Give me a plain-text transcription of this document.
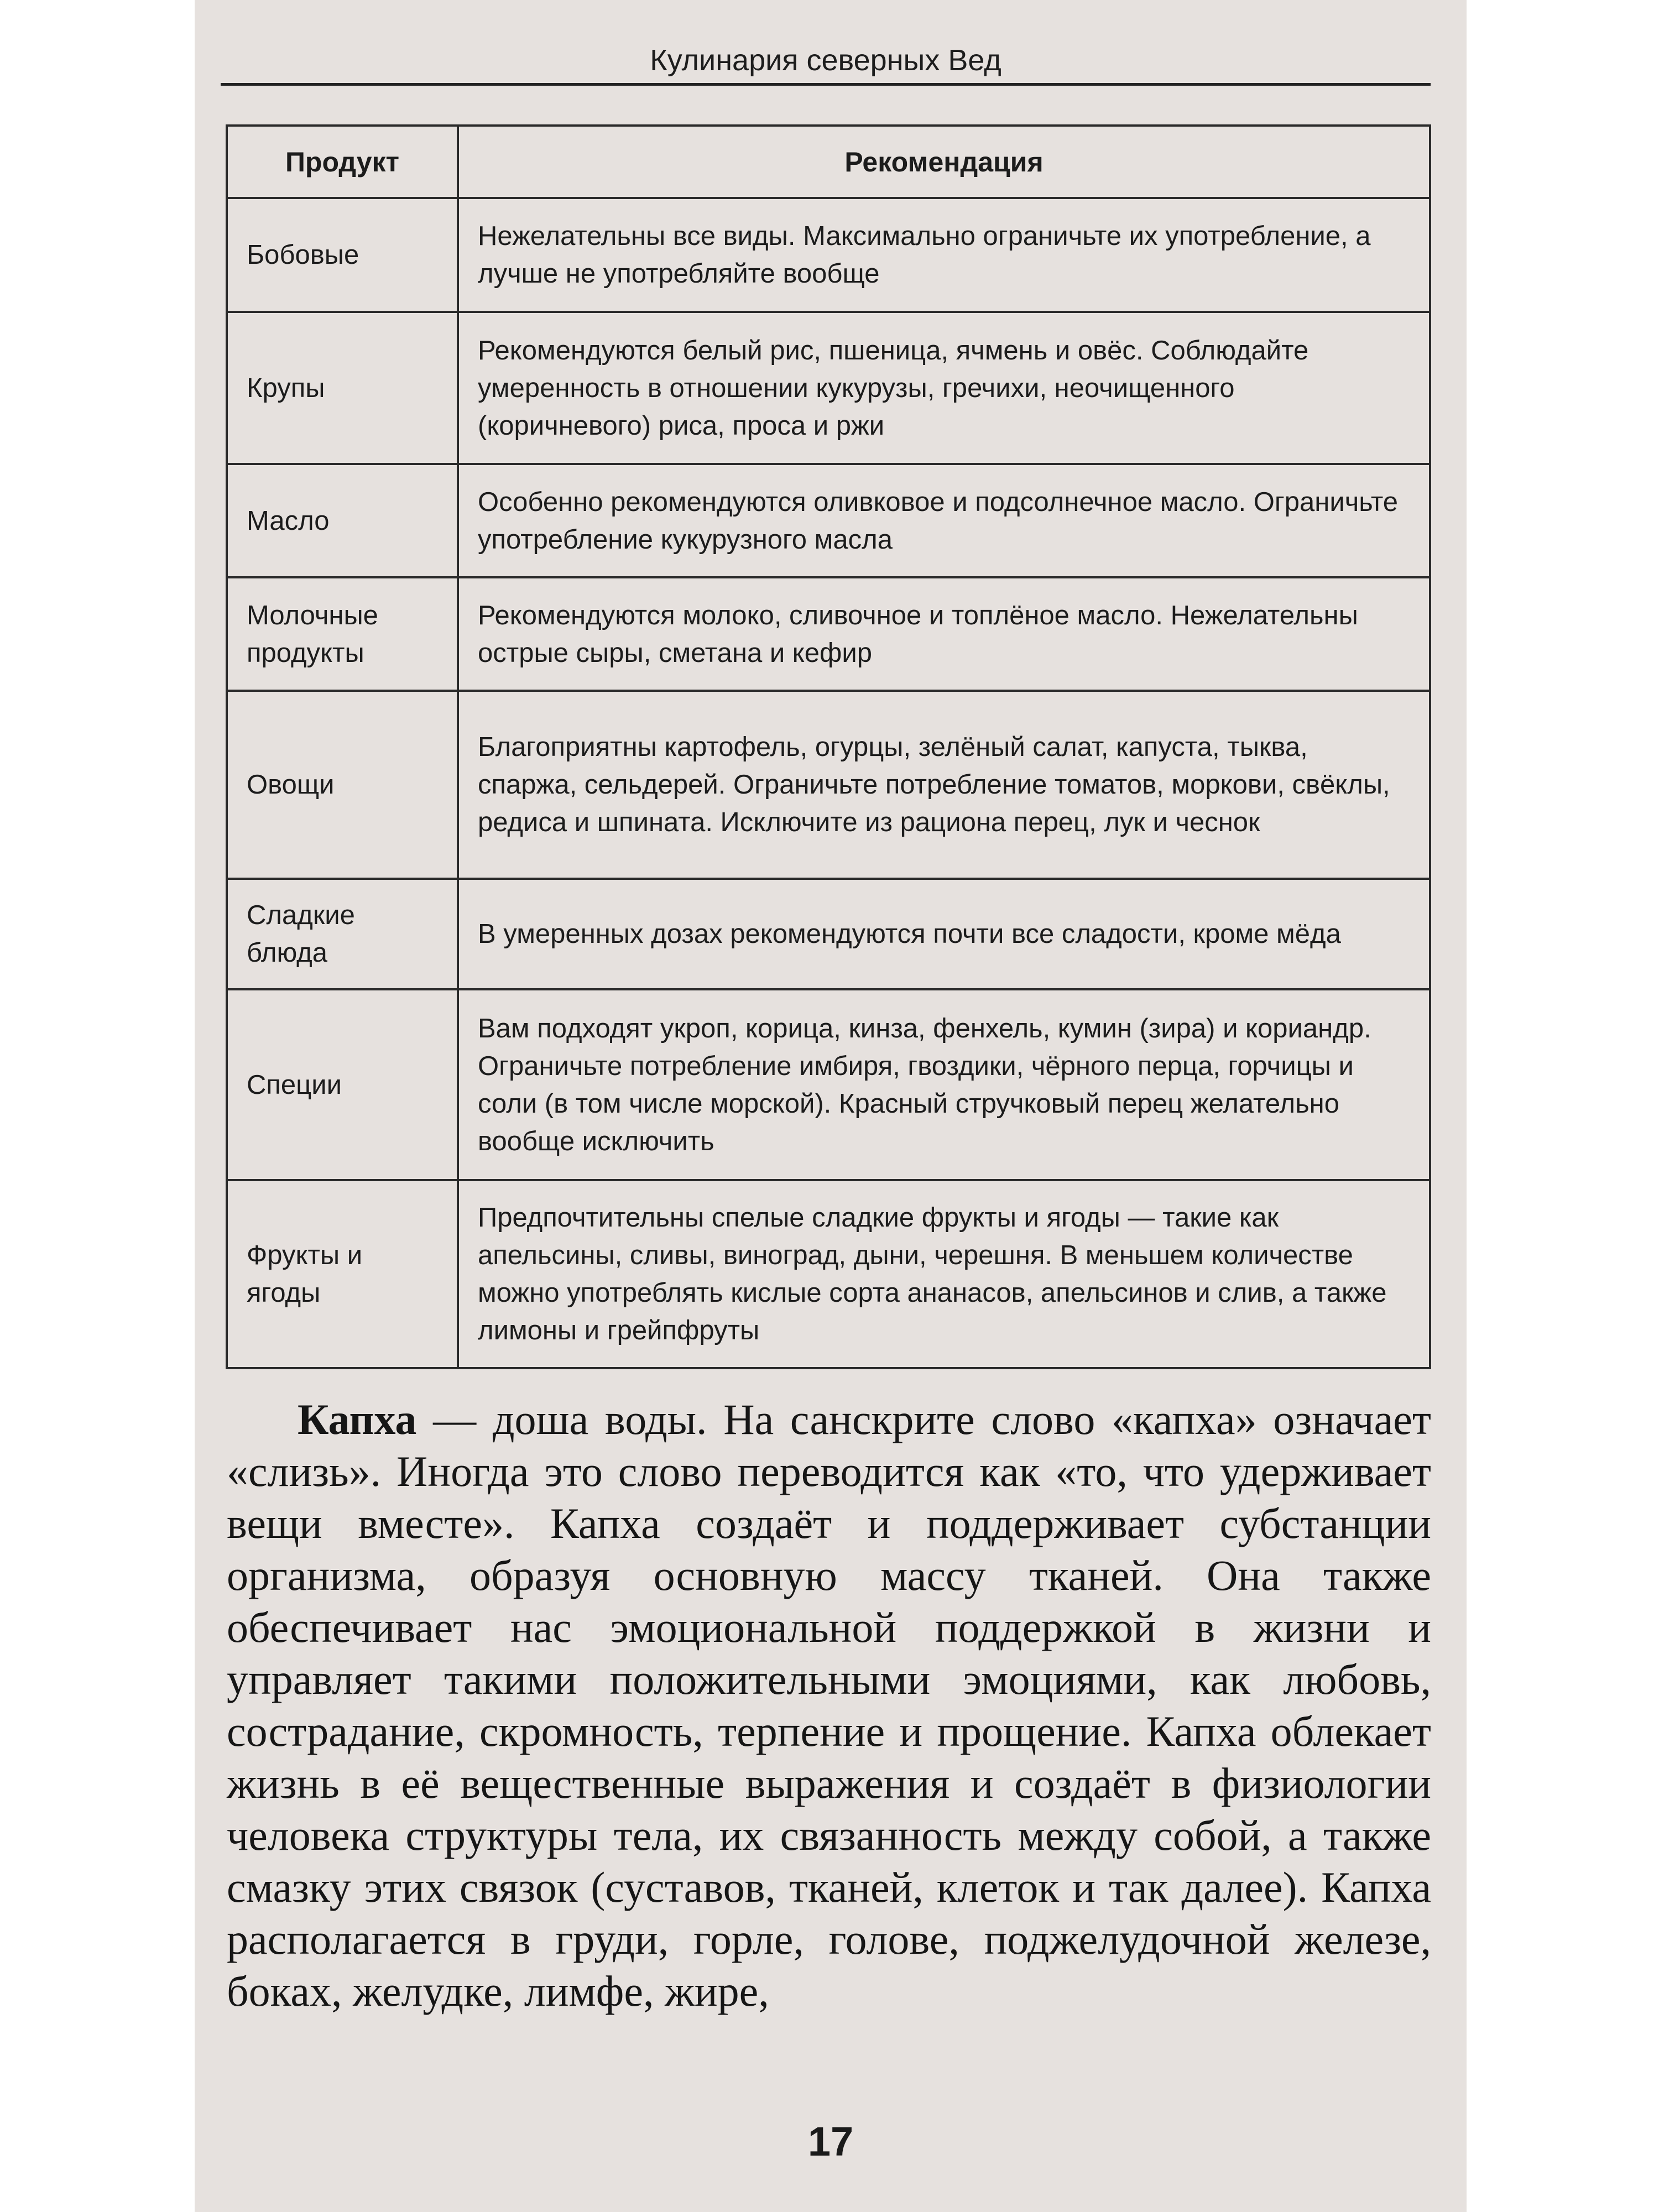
Кулинария северных Вед
Продукт	Рекомендация
Бобовые	Нежелательны все виды. Максимально ограничьте их употребление, а лучше не употребляйте вообще
Крупы	Рекомендуются белый рис, пшеница, ячмень и овёс. Соблюдайте умеренность в отношении кукурузы, гречихи, неочищенного (коричневого) риса, проса и ржи
Масло	Особенно рекомендуются оливковое и подсолнечное масло. Ограничьте употребление кукурузного масла
Молочные продукты	Рекомендуются молоко, сливочное и топлёное масло. Нежелательны острые сыры, сметана и кефир
Овощи	Благоприятны картофель, огурцы, зелёный салат, капуста, тыква, спаржа, сельдерей. Ограничьте потребление томатов, моркови, свёклы, редиса и шпината. Исключите из рациона перец, лук и чеснок
Сладкие блюда	В умеренных дозах рекомендуются почти все сладости, кроме мёда
Специи	Вам подходят укроп, корица, кинза, фенхель, кумин (зира) и кориандр. Ограничьте потребление имбиря, гвоздики, чёрного перца, горчицы и соли (в том числе морской). Красный стручковый перец желательно вообще исключить
Фрукты и ягоды	Предпочтительны спелые сладкие фрукты и ягоды — такие как апельсины, сливы, виноград, дыни, черешня. В меньшем количестве можно употреблять кислые сорта ананасов, апельсинов и слив, а также лимоны и грейпфруты

Капха — доша воды. На санскрите слово «капха» означает «слизь». Иногда это слово переводится как «то, что удерживает вещи вместе». Капха создаёт и поддерживает субстанции организма, образуя основную массу тканей. Она также обеспечивает нас эмоциональной поддержкой в жизни и управляет такими положительными эмоциями, как любовь, сострадание, скромность, терпение и прощение. Капха облекает жизнь в её вещественные выражения и создаёт в физиологии человека структуры тела, их связанность между собой, а также смазку этих связок (суставов, тканей, клеток и так далее). Капха располагается в груди, горле, голове, поджелудочной железе, боках, желудке, лимфе, жире,

17
